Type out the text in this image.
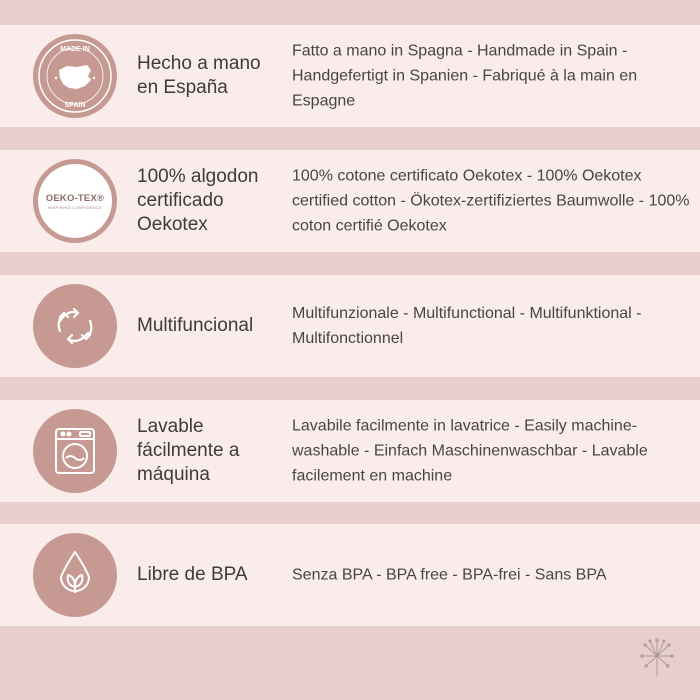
MADE IN
SPAIN
Hecho a mano en España
Fatto a mano in Spagna - Handmade in Spain - Handgefertigt in Spanien - Fabriqué à la main en Espagne
OEKO-TEX®
INSPIRING CONFIDENCE
100% algodon certificado Oekotex
100% cotone certificato Oekotex - 100% Oekotex certified cotton - Ökotex-zertifiziertes Baumwolle - 100% coton certifié Oekotex
Multifuncional
Multifunzionale - Multifunctional - Multifunktional - Multifonctionnel
Lavable fácilmente a máquina
Lavabile facilmente in lavatrice - Easily machine-washable - Einfach Maschinenwaschbar - Lavable facilement en machine
Libre de BPA	Senza BPA - BPA free - BPA-frei - Sans BPA
